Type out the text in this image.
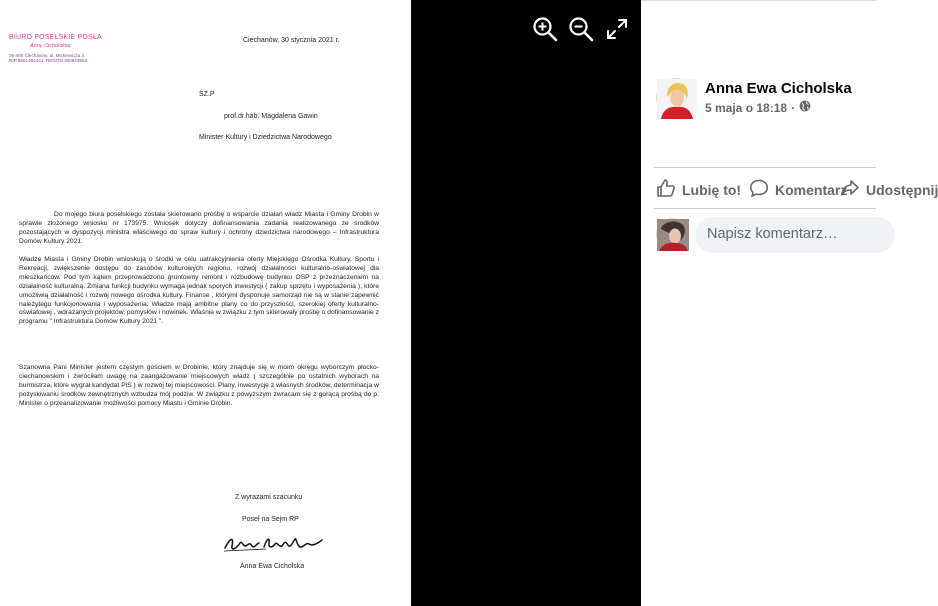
BIURO POSELSKIE POSŁA
Anny Cicholskiej
06-400 Ciechanów, ul. Mickiewicza 3
NIP 5661484441, REGON 300843954
Ciechanów, 30 stycznia 2021 r.
SZ.P
prof.dr.hab. Magdalena Gawin
Minister Kultury i Dziedzictwa Narodowego
Do mojego biura poselskiego została skierowano prośbę o wsparcie działań władz Miasta i Gminy Drobin w sprawie złożonego wniosku nr 173975. Wniosek dotyczy dofinansowania zadania realizowanego ze środków pozostających w dyspozycji ministra właściwego do spraw kultury i ochrony dziedzictwa narodowego – Infrastruktura Domów Kultury 2021.
Władze Miasta i Gminy Drobin wnioskują o środki w celu uatrakcyjnienia oferty Miejskiego Ośrodka Kultury, Sportu i Rekreacji, zwiększenie dostępu do zasobów kulturowych regionu, rozwój działalności kulturalno-oświatowej dla mieszkańców. Pod tym kątem przeprowadzono gruntowny remont i rozbudowę budynku OSP z przeznaczeniem na działalność kulturalną. Zmiana funkcji budynku wymaga jednak sporych inwestycji ( zakup sprzętu i wyposażenia ), które umożliwią działalność i rozwój nowego ośrodka kultury. Finanse , którymi dysponuje samorząd nie są w stanie zapewnić należytego funkcjonowania i wyposażenia. Władze mają ambitne plany co do przyszłości, szerokiej oferty kulturalno-oświatowej , wdrażanych projektów, pomysłów i nowinek. Właśnie w związku z tym skierowały prośbę o dofinansowanie z programu " Infrastruktura Domów Kultury 2021 ".
Szanowna Pani Minister jestem częstym gościem w Drobinie, który znajduje się w moim okręgu wyborczym płocko-ciechanowskim i zwróciłam uwagę na zaangażowanie miejscowych władz ( szczególnie po ostatnich wyborach na burmistrza, które wygrał kandydat PiS ) w rozwój tej miejscowości. Plany, inwestycje z własnych środków, determinacja w pozyskiwaniu środków zewnętrznych wzbudza mój podziw. W związku z powyższym zwracam się z gorącą prośbą do p. Minister o przeanalizowanie możliwości pomocy Miastu i Gminie Drobin.
Z wyrazami szacunku
Poseł na Sejm RP
Anna Ewa Cicholska
Anna Ewa Cicholska
5 maja o 18:18 ·
Lubię to! Komentarz Udostępnij
Napisz komentarz…
